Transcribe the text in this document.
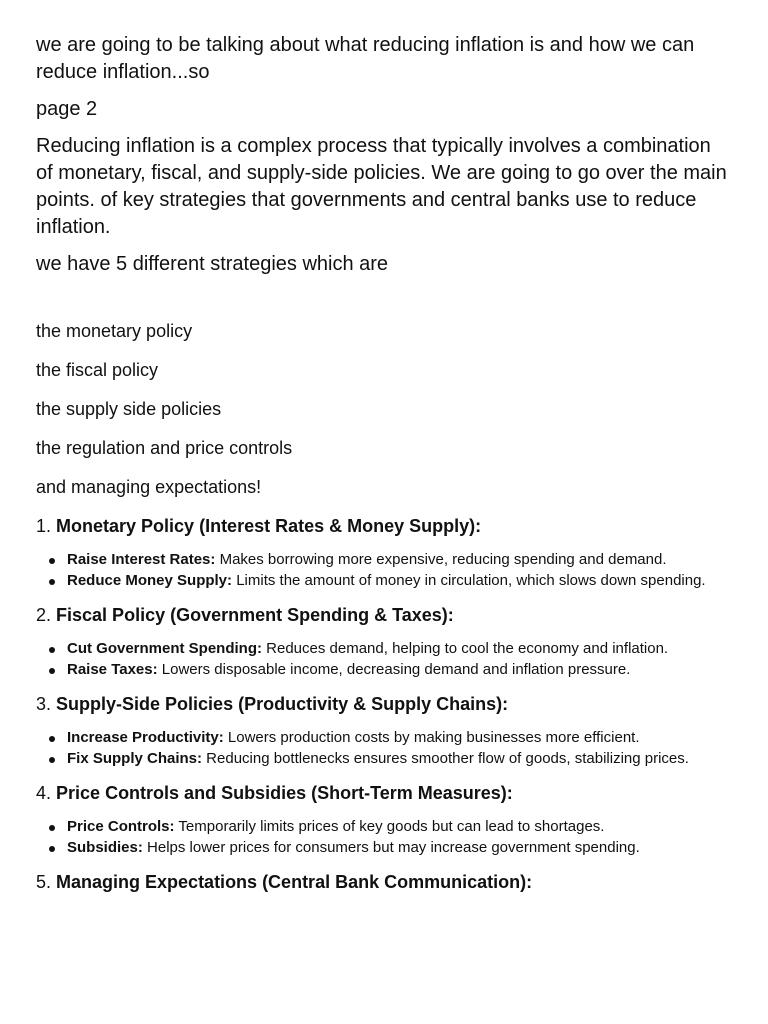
we are going to be talking about what reducing inflation is and how we can reduce inflation...so

page 2

Reducing inflation is a complex process that typically involves a combination of monetary, fiscal, and supply-side policies. We are going to go over the main points. of key strategies that governments and central banks use to reduce inflation.

we have 5 different strategies which are

the monetary policy
the fiscal policy
the supply side policies
the regulation and price controls
and managing expectations!

1. Monetary Policy (Interest Rates & Money Supply):

Raise Interest Rates: Makes borrowing more expensive, reducing spending and demand.
Reduce Money Supply: Limits the amount of money in circulation, which slows down spending.

2. Fiscal Policy (Government Spending & Taxes):

Cut Government Spending: Reduces demand, helping to cool the economy and inflation.
Raise Taxes: Lowers disposable income, decreasing demand and inflation pressure.

3. Supply-Side Policies (Productivity & Supply Chains):

Increase Productivity: Lowers production costs by making businesses more efficient.
Fix Supply Chains: Reducing bottlenecks ensures smoother flow of goods, stabilizing prices.

4. Price Controls and Subsidies (Short-Term Measures):

Price Controls: Temporarily limits prices of key goods but can lead to shortages.
Subsidies: Helps lower prices for consumers but may increase government spending.

5. Managing Expectations (Central Bank Communication):
